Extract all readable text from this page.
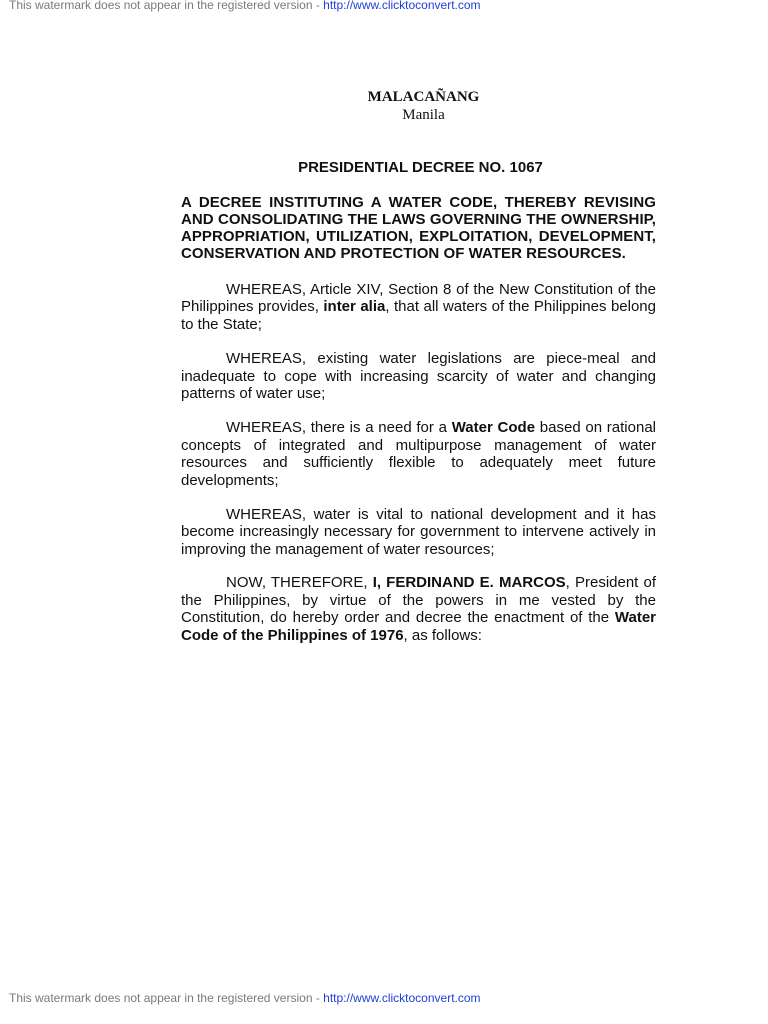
This watermark does not appear in the registered version - http://www.clicktoconvert.com
MALACAÑANG
Manila
PRESIDENTIAL DECREE NO. 1067
A DECREE INSTITUTING A WATER CODE, THEREBY REVISING AND CONSOLIDATING THE LAWS GOVERNING THE OWNERSHIP, APPROPRIATION, UTILIZATION, EXPLOITATION, DEVELOPMENT, CONSERVATION AND PROTECTION OF WATER RESOURCES.

WHEREAS, Article XIV, Section 8 of the New Constitution of the Philippines provides, inter alia, that all waters of the Philippines belong to the State;

WHEREAS, existing water legislations are piece-meal and inadequate to cope with increasing scarcity of water and changing patterns of water use;

WHEREAS, there is a need for a Water Code based on rational concepts of integrated and multipurpose management of water resources and sufficiently flexible to adequately meet future developments;

WHEREAS, water is vital to national development and it has become increasingly necessary for government to intervene actively in improving the management of water resources;

NOW, THEREFORE, I, FERDINAND E. MARCOS, President of the Philippines, by virtue of the powers in me vested by the Constitution, do hereby order and decree the enactment of the Water Code of the Philippines of 1976, as follows:

This watermark does not appear in the registered version - http://www.clicktoconvert.com
